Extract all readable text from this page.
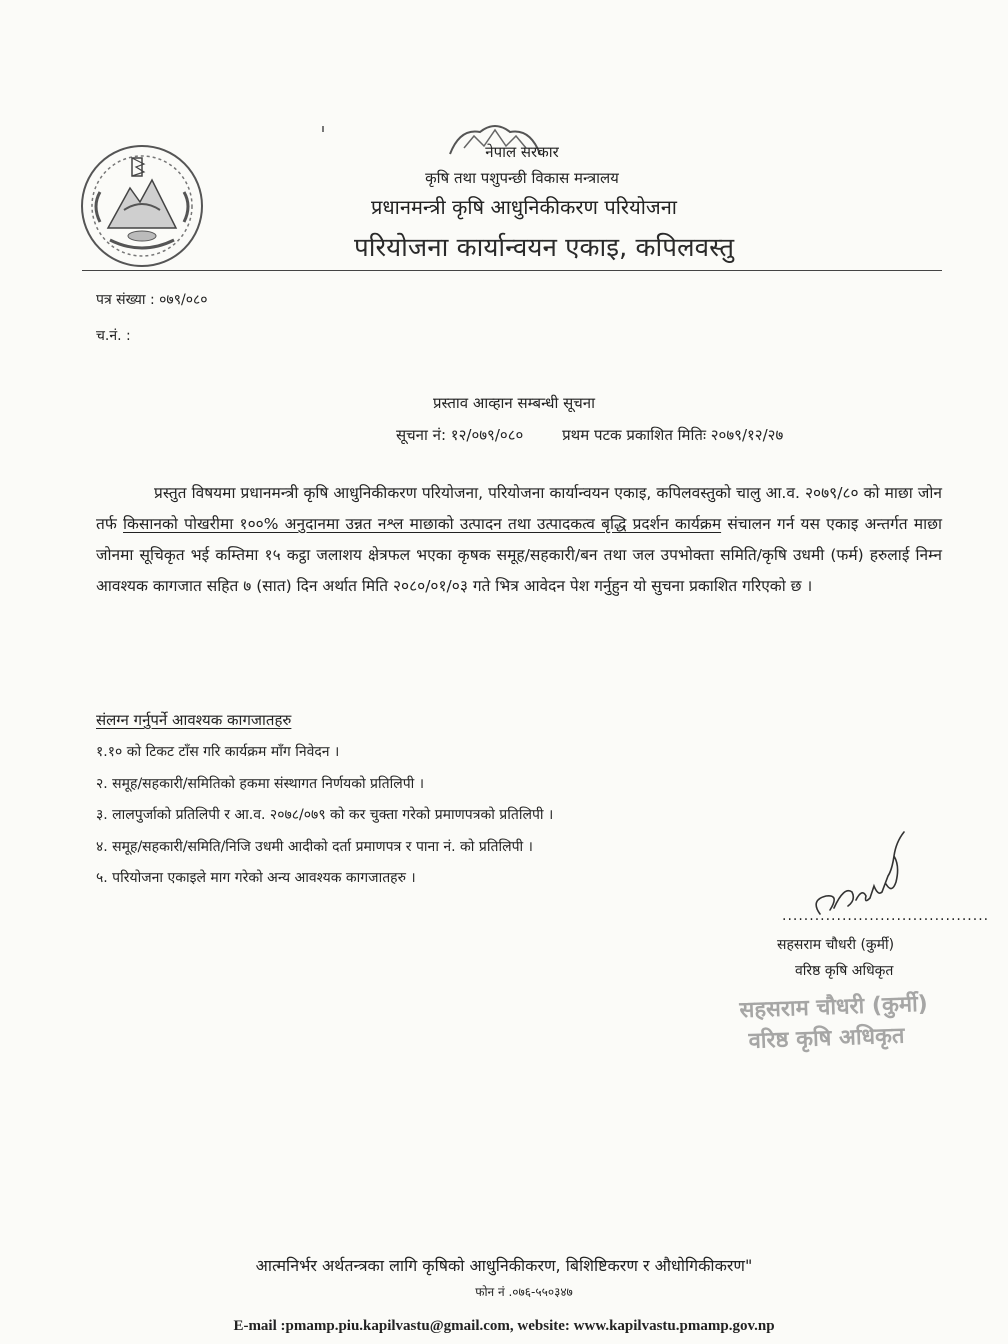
नेपाल सरकार
कृषि तथा पशुपन्छी विकास मन्त्रालय
प्रधानमन्त्री कृषि आधुनिकीकरण परियोजना
परियोजना कार्यान्वयन एकाइ, कपिलवस्तु
पत्र संख्या : ०७९/०८०
च.नं. :
प्रस्ताव आव्हान सम्बन्धी सूचना
सूचना नं: १२/०७९/०८०	प्रथम पटक प्रकाशित मितिः २०७९/१२/२७
प्रस्तुत विषयमा प्रधानमन्त्री कृषि आधुनिकीकरण परियोजना, परियोजना कार्यान्वयन एकाइ, कपिलवस्तुको चालु आ.व. २०७९/८० को माछा जोन तर्फ किसानको पोखरीमा १००% अनुदानमा उन्नत नश्ल माछाको उत्पादन तथा उत्पादकत्व बृद्धि प्रदर्शन कार्यक्रम संचालन गर्न यस एकाइ अन्तर्गत माछा जोनमा सूचिकृत भई कम्तिमा १५ कट्ठा जलाशय क्षेत्रफल भएका कृषक समूह/सहकारी/बन तथा जल उपभोक्ता समिति/कृषि उधमी (फर्म) हरुलाई निम्न आवश्यक कागजात सहित ७ (सात) दिन अर्थात मिति २०८०/०१/०३ गते भित्र आवेदन पेश गर्नुहुन यो सुचना प्रकाशित गरिएको छ ।
संलग्न गर्नुपर्ने आवश्यक कागजातहरु
१.१० को टिकट टाँस गरि कार्यक्रम माँग निवेदन ।
२. समूह/सहकारी/समितिको हकमा संस्थागत निर्णयको प्रतिलिपी ।
३. लालपुर्जाको प्रतिलिपी र आ.व. २०७८/०७९ को कर चुक्ता गरेको प्रमाणपत्रको प्रतिलिपी ।
४. समूह/सहकारी/समिति/निजि उधमी आदीको दर्ता प्रमाणपत्र र पाना नं. को प्रतिलिपी ।
५. परियोजना एकाइले माग गरेको अन्य आवश्यक कागजातहरु ।
......................................
सहसराम चौधरी (कुर्मी)
वरिष्ठ कृषि अधिकृत
सहसराम चौधरी (कुर्मी)
वरिष्ठ कृषि अधिकृत
आत्मनिर्भर अर्थतन्त्रका लागि कृषिको आधुनिकीकरण, बिशिष्टिकरण र औधोगिकीकरण"
फोन नं .०७६-५५०३४७
E-mail :pmamp.piu.kapilvastu@gmail.com, website: www.kapilvastu.pmamp.gov.np
